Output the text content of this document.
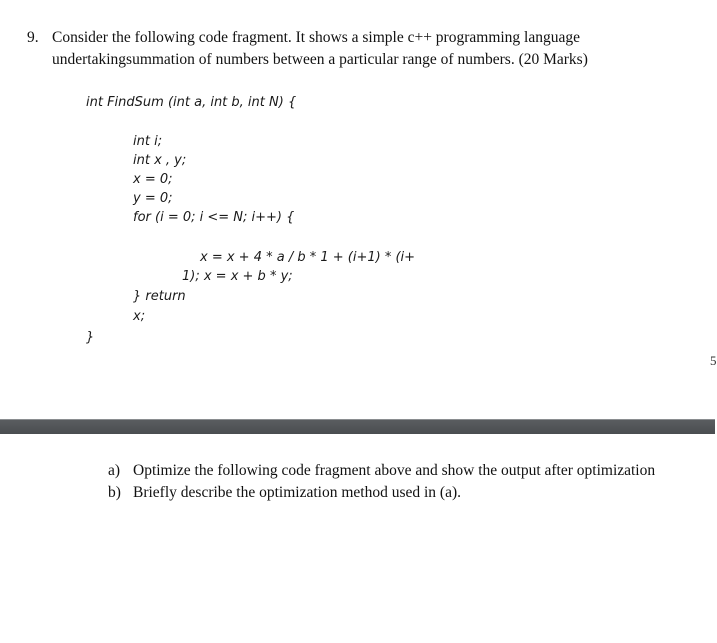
9. Consider the following code fragment. It shows a simple c++ programming language
undertakingsummation of numbers between a particular range of numbers. (20 Marks)
int FindSum (int a, int b, int N) {
int i;
int x , y;
x = 0;
y = 0;
for (i = 0; i <= N; i++) {
x = x + 4 * a / b * 1 + (i+1) * (i+
1); x = x + b * y;
} return
x;
}
5
a) Optimize the following code fragment above and show the output after optimization
b) Briefly describe the optimization method used in (a).
